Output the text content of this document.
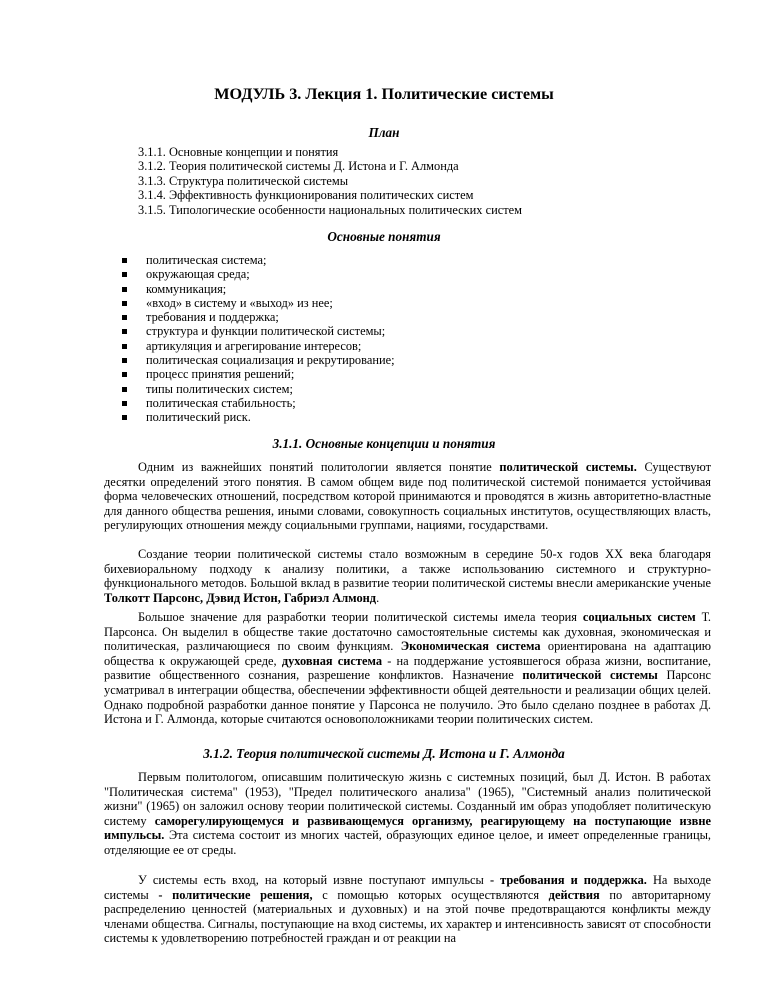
МОДУЛЬ 3. Лекция 1. Политические системы
План
3.1.1. Основные концепции и понятия
3.1.2. Теория политической системы Д. Истона и Г. Алмонда
3.1.3. Структура политической системы
3.1.4. Эффективность функционирования политических систем
3.1.5. Типологические особенности национальных политических систем
Основные понятия
политическая система;
окружающая среда;
коммуникация;
«вход» в систему и «выход» из нее;
требования и поддержка;
структура и функции политической системы;
артикуляция и агрегирование интересов;
политическая социализация и рекрутирование;
процесс принятия решений;
типы политических систем;
политическая стабильность;
политический риск.
3.1.1. Основные концепции и понятия

Одним из важнейших понятий политологии является понятие политической системы. Существуют десятки определений этого понятия. В самом общем виде под политической системой понимается устойчивая форма человеческих отношений, посредством которой принимаются и проводятся в жизнь авторитетно-властные для данного общества решения, иными словами, совокупность социальных институтов, осуществляющих власть, регулирующих отношения между социальными группами, нациями, государствами.

Создание теории политической системы стало возможным в середине 50-х годов XX века благодаря бихевиоральному подходу к анализу политики, а также использованию системного и структурно-функционального методов. Большой вклад в развитие теории политической системы внесли американские ученые Толкотт Парсонс, Дэвид Истон, Габриэл Алмонд.

Большое значение для разработки теории политической системы имела теория социальных систем Т. Парсонса. Он выделил в обществе такие достаточно самостоятельные системы как духовная, экономическая и политическая, различающиеся по своим функциям. Экономическая система ориентирована на адаптацию общества к окружающей среде, духовная система - на поддержание устоявшегося образа жизни, воспитание, развитие общественного сознания, разрешение конфликтов. Назначение политической системы Парсонс усматривал в интеграции общества, обеспечении эффективности общей деятельности и реализации общих целей. Однако подробной разработки данное понятие у Парсонса не получило. Это было сделано позднее в работах Д. Истона и Г. Алмонда, которые считаются основоположниками теории политических систем.

3.1.2. Теория политической системы Д. Истона и Г. Алмонда

Первым политологом, описавшим политическую жизнь с системных позиций, был Д. Истон. В работах "Политическая система" (1953), "Предел политического анализа" (1965), "Системный анализ политической жизни" (1965) он заложил основу теории политической системы. Созданный им образ уподобляет политическую систему саморегулирующемуся и развивающемуся организму, реагирующему на поступающие извне импульсы. Эта система состоит из многих частей, образующих единое целое, и имеет определенные границы, отделяющие ее от среды.

У системы есть вход, на который извне поступают импульсы - требования и поддержка. На выходе системы - политические решения, с помощью которых осуществляются действия по авторитарному распределению ценностей (материальных и духовных) и на этой почве предотвращаются конфликты между членами общества. Сигналы, поступающие на вход системы, их характер и интенсивность зависят от способности системы к удовлетворению потребностей граждан и от реакции на
